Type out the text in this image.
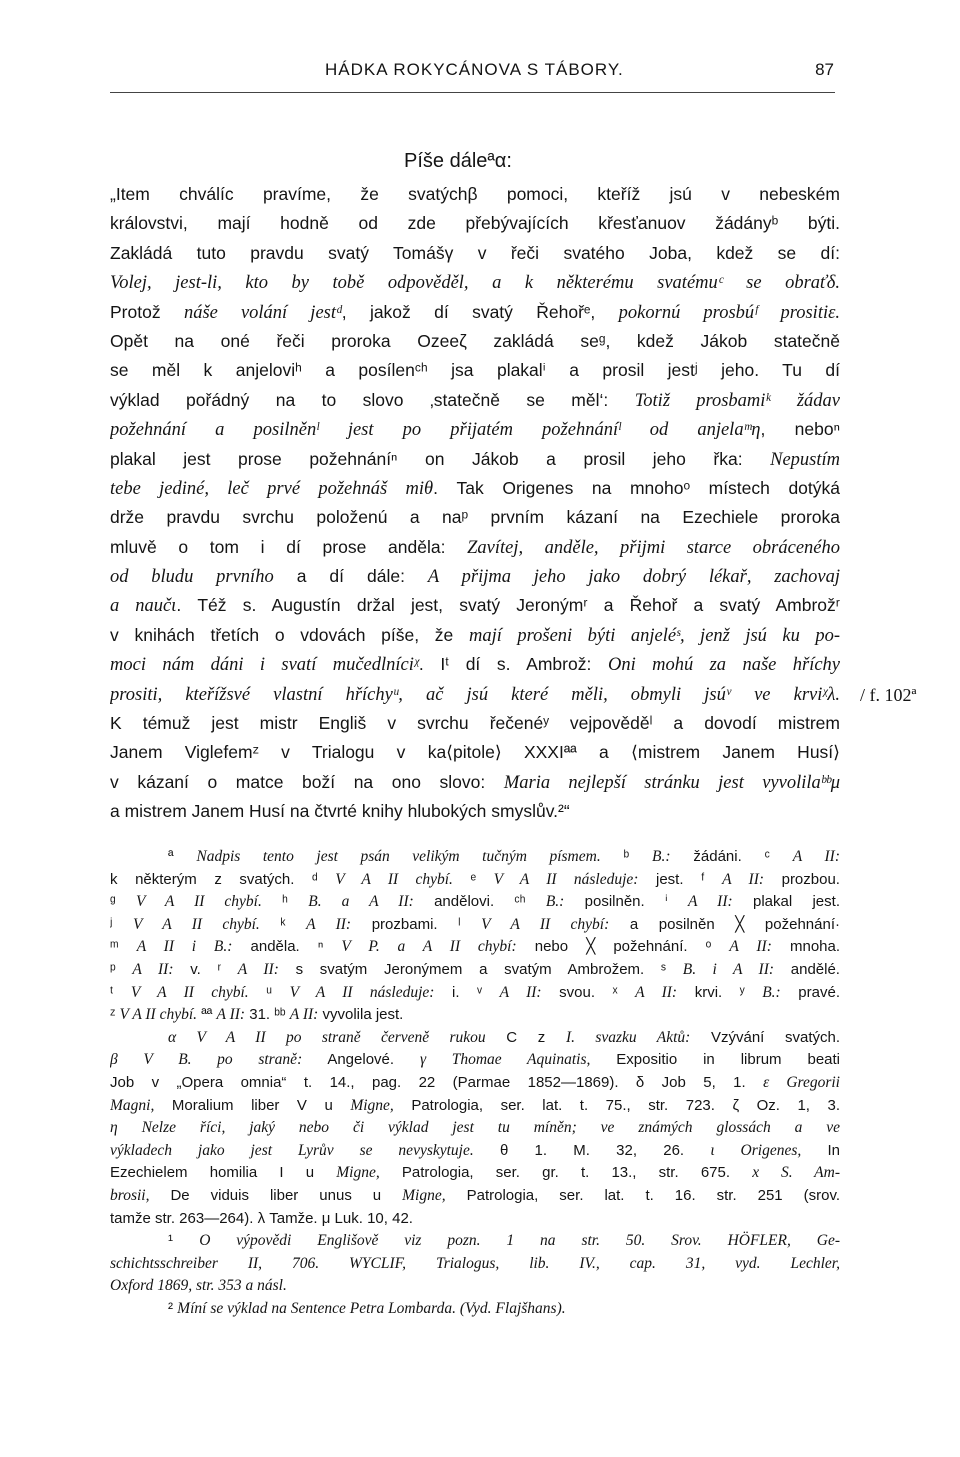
HÁDKA ROKYCÁNOVA S TÁBORY.	87
Píše dáleªα:
„Item chválíc pravíme, že svatýchβ pomoci, kteříž jsú v nebeském
královstvi, mají hodně od zde přebývajících křesťanuov žádányᵇ býti.
Zakládá tuto pravdu svatý Tomášγ v řeči svatého Joba, kdež se dí:
Volej, jest-li, kto by tobě odpověděl, a k některému svatémuᶜ se obraťδ.
Protož náše volání jestᵈ, jakož dí svatý Řehořᵉ, pokornú prosbúᶠ prositiε.
Opět na oné řeči proroka Ozeeζ zakládá seᵍ, kdež Jákob statečně
se měl k anjeloviʰ a posílenᶜʰ jsa plakalⁱ a prosil jestʲ jeho. Tu dí
výklad pořádný na to slovo ‚statečně se měl‘: Totiž prosbamiᵏ žádav
požehnání a posilněnˡ jest po přijatém požehnáníˡ od anjelaᵐη, neboⁿ
plakal jest prose požehnáníⁿ on Jákob a prosil jeho řka: Nepustím
tebe jediné, leč prvé požehnáš miθ. Tak Origenes na mnohoᵒ místech dotýká
drže pravdu svrchu položenú a naᵖ prvním kázaní na Ezechiele proroka
mluvě o tom i dí prose anděla: Zavítej, anděle, přijmi starce obráceného
od bludu prvního a dí dále: A přijma jeho jako dobrý lékař, zachovaj
a naučι. Též s. Augustín držal jest, svatý Jeronýmʳ a Řehoř a svatý Ambrožʳ
v knihách třetích o vdovách píše, že mají prošeni býti anjeléˢ, jenž jsú ku po-
moci nám dáni i svatí mučedlníciᵡ. Iᵗ dí s. Ambrož: Oni mohú za naše hříchy
prositi, kteřížsvé vlastní hříchyᵘ, ač jsú které měli, obmyli jsúᵛ ve krviᵡλ.
K témuž jest mistr Engliš v svrchu řečenéʸ vejpověděˡ a dovodí mistrem
Janem Viglefemᶻ v Trialogu v ka⟨pitole⟩ XXXIªª a ⟨mistrem Janem Husí⟩
v kázaní o matce boží na ono slovo: Maria nejlepší stránku jest vyvolilaᵇᵇμ
a mistrem Janem Husí na čtvrté knihy hlubokých smyslův.²“
/ f. 102ª
ª Nadpis tento jest psán velikým tučným písmem. ᵇ B.: žádáni. ᶜ A II:
k některým z svatých. ᵈ V A II chybí. ᵉ V A II následuje: jest. ᶠ A II: prozbou.
ᵍ V A II chybí. ʰ B. a A II: andělovi. ᶜʰ B.: posilněn. ⁱ A II: plakal jest.
ʲ V A II chybí. ᵏ A II: prozbami. ˡ V A II chybí: a posilněn ╳ požehnání·
ᵐ A II i B.: anděla. ⁿ V P. a A II chybí: nebo ╳ požehnání. ᵒ A II: mnoha.
ᵖ A II: v. ʳ A II: s svatým Jeronýmem a svatým Ambrožem. ˢ B. i A II: andělé.
ᵗ V A II chybí. ᵘ V A II následuje: i. ᵛ A II: svou. ˣ A II: krvi. ʸ B.: pravé.
ᶻ V A II chybí. ªª A II: 31. ᵇᵇ A II: vyvolila jest.
α V A II po straně červeně rukou C z I. svazku Aktů: Vzývání svatých.
β V B. po straně: Angelové. γ Thomae Aquinatis, Expositio in librum beati
Job v „Opera omnia“ t. 14., pag. 22 (Parmae 1852—1869). δ Job 5, 1. ε Gregorii
Magni, Moralium liber V u Migne, Patrologia, ser. lat. t. 75., str. 723. ζ Oz. 1, 3.
η Nelze říci, jaký nebo či výklad jest tu míněn; ve známých glossách a ve
výkladech jako jest Lyrův se nevyskytuje. θ 1. M. 32, 26. ι Origenes, In
Ezechielem homilia I u Migne, Patrologia, ser. gr. t. 13., str. 675. x S. Am-
brosii, De viduis liber unus u Migne, Patrologia, ser. lat. t. 16. str. 251 (srov.
tamže str. 263—264). λ Tamže. μ Luk. 10, 42.
¹ O výpovědi Englišově viz pozn. 1 na str. 50. Srov. HÖFLER, Ge-
schichtsschreiber II, 706. WYCLIF, Trialogus, lib. IV., cap. 31, vyd. Lechler,
Oxford 1869, str. 353 a násl.
² Míní se výklad na Sentence Petra Lombarda. (Vyd. Flajšhans).
